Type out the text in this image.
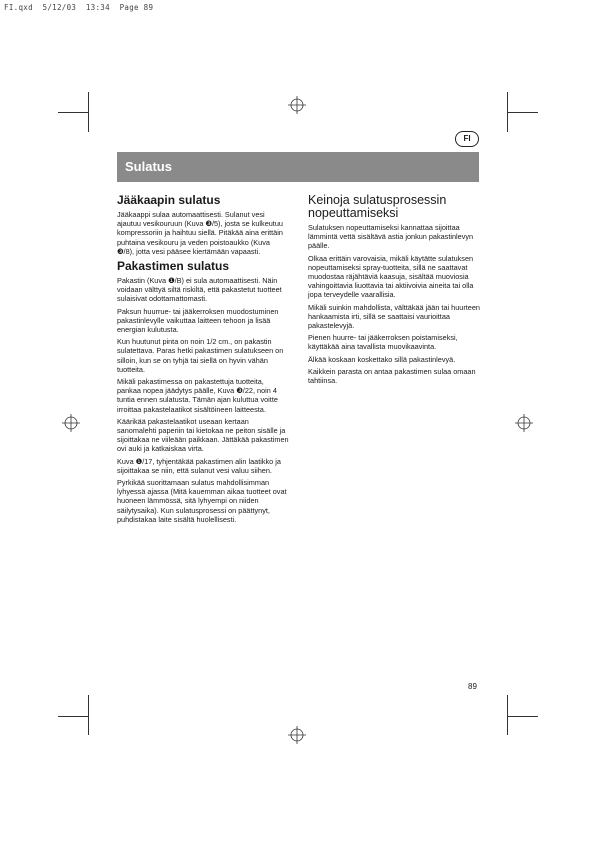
FI.qxd  5/12/03  13:34  Page 89
FI
Sulatus
Jääkaapin sulatus

Jääkaappi sulaa automaattisesti. Sulanut vesi ajautuu vesikouruun (Kuva ❸/5), josta se kulkeutuu kompressoriin ja haihtuu siellä. Pitäkää aina erittäin puhtaina vesikouru ja veden poistoaukko (Kuva ❸/8), jotta vesi pääsee kiertämään vapaasti.

Pakastimen sulatus

Pakastin (Kuva ❶/B) ei sula automaattisesti. Näin voidaan välttyä siltä riskiltä, että pakastetut tuotteet sulaisivat odottamattomasti.

Paksun huurrue- tai jääkerroksen muodostuminen pakastinlevylle vaikuttaa laitteen tehoon ja lisää energian kulutusta.

Kun huutunut pinta on noin 1/2 cm., on pakastin sulatettava. Paras hetki pakastimen sulatukseen on silloin, kun se on tyhjä tai siellä on hyvin vähän tuotteita.

Mikäli pakastimessa on pakastettuja tuotteita, pankaa nopea jäädytys päälle, Kuva ❸/22, noin 4 tuntia ennen sulatusta. Tämän ajan kuluttua voitte irroittaa pakastelaatikot sisältöineen laitteesta.

Käärikää pakastelaatikot useaan kertaan sanomalehti paperiin tai kietokaa ne peiton sisälle ja sijoittakaa ne viileään paikkaan. Jättäkää pakastimen ovi auki ja katkaiskaa virta.

Kuva ❶/17, tyhjentäkää pakastimen alin laatikko ja sijoittakaa se niin, että sulanut vesi valuu siihen.

Pyrkikää suorittamaan sulatus mahdollisimman lyhyessä ajassa (Mitä kauemman aikaa tuotteet ovat huoneen lämmössä, sitä lyhyempi on niiden säilytysaika). Kun sulatusprosessi on päättynyt, puhdistakaa laite sisältä huolellisesti.

Keinoja sulatusprosessin nopeuttamiseksi

Sulatuksen nopeuttamiseksi kannattaa sijoittaa lämmintä vettä sisältävä astia jonkun pakastinlevyn päälle.

Olkaa erittäin varovaisia, mikäli käytätte sulatuksen nopeuttamiseksi spray-tuotteita, sillä ne saattavat muodostaa räjähtäviä kaasuja, sisältää muoviosia vahingoittavia liuottavia tai aktiivoivia aineita tai olla jopa terveydelle vaarallisia.

Mikäli suinkin mahdollista, välttäkää jään tai huurteen hankaamista irti, sillä se saattaisi vaurioittaa pakastelevyjä.

Pienen huurre- tai jääkerroksen poistamiseksi, käyttäkää aina tavallista muovikaavinta.

Älkää koskaan koskettako sillä pakastinlevyä.

Kaikkein parasta on antaa pakastimen sulaa omaan tahtiinsa.

89
